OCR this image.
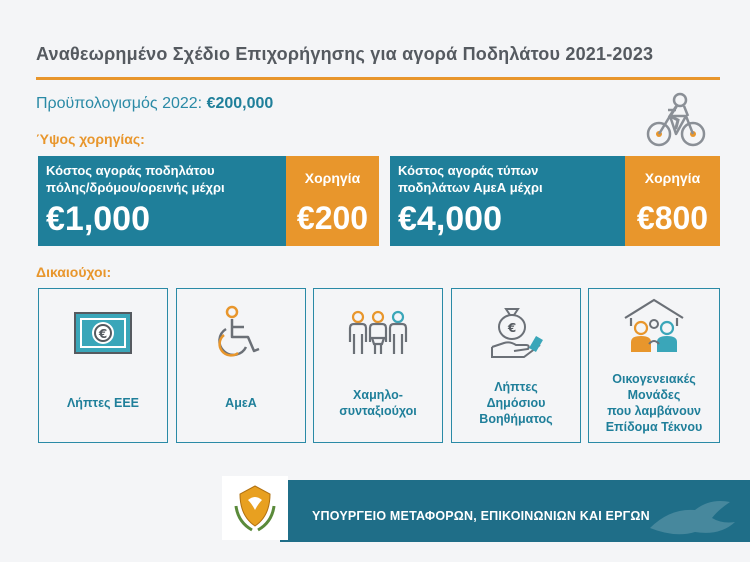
Αναθεωρημένο Σχέδιο Επιχορήγησης για αγορά Ποδηλάτου 2021-2023
Προϋπολογισμός 2022: €200,000
Ύψος χορηγίας:
Κόστος αγοράς ποδηλάτου
πόλης/δρόμου/ορεινής μέχρι
€1,000
Χορηγία
€200
Κόστος αγοράς τύπων
ποδηλάτων ΑμεΑ μέχρι
€4,000
Χορηγία
€800
Δικαιούχοι:
€
Λήπτες ΕΕΕ	ΑμεΑ
Χαμηλο-
συνταξιούχοι
€
Λήπτες
Δημόσιου
Βοηθήματος
Οικογενειακές
Μονάδες
που λαμβάνουν
Επίδομα Τέκνου
ΥΠΟΥΡΓΕΙΟ ΜΕΤΑΦΟΡΩΝ, ΕΠΙΚΟΙΝΩΝΙΩΝ ΚΑΙ ΕΡΓΩΝ
